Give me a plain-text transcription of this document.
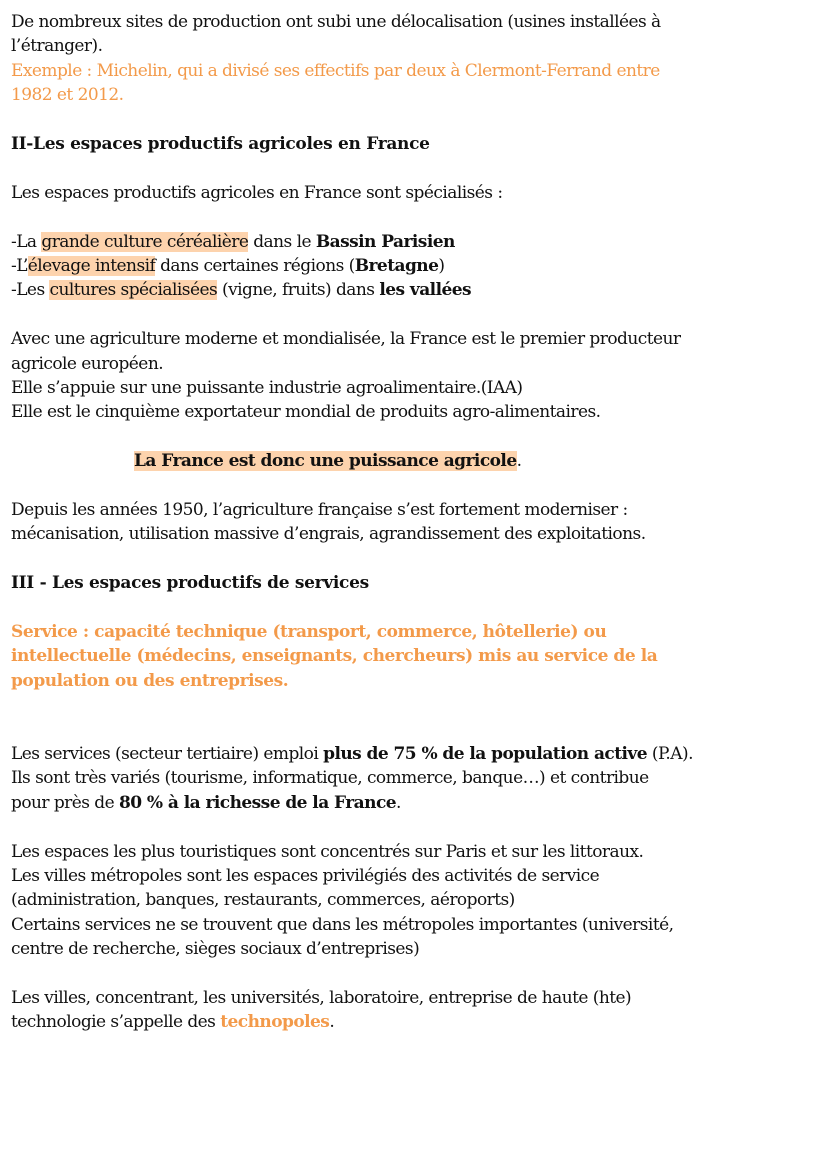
De nombreux sites de production ont subi une délocalisation (usines installées à

l’étranger).

Exemple : Michelin, qui a divisé ses effectifs par deux à Clermont-Ferrand entre

1982 et 2012.

II-Les espaces productifs agricoles en France

Les espaces productifs agricoles en France sont spécialisés :

-La grande culture céréalière dans le Bassin Parisien

-L’élevage intensif dans certaines régions (Bretagne)

-Les cultures spécialisées (vigne, fruits) dans les vallées

Avec une agriculture moderne et mondialisée, la France est le premier producteur

agricole européen.

Elle s’appuie sur une puissante industrie agroalimentaire.(IAA)

Elle est le cinquième exportateur mondial de produits agro-alimentaires.

La France est donc une puissance agricole.

Depuis les années 1950, l’agriculture française s’est fortement moderniser :

mécanisation, utilisation massive d’engrais, agrandissement des exploitations.

III - Les espaces productifs de services

Service : capacité technique (transport, commerce, hôtellerie) ou

intellectuelle (médecins, enseignants, chercheurs) mis au service de la

population ou des entreprises.

Les services (secteur tertiaire) emploi plus de 75 % de la population active (P.A).

Ils sont très variés (tourisme, informatique, commerce, banque…) et contribue

pour près de 80 % à la richesse de la France.

Les espaces les plus touristiques sont concentrés sur Paris et sur les littoraux.

Les villes métropoles sont les espaces privilégiés des activités de service

(administration, banques, restaurants, commerces, aéroports)

Certains services ne se trouvent que dans les métropoles importantes (université,

centre de recherche, sièges sociaux d’entreprises)

Les villes, concentrant, les universités, laboratoire, entreprise de haute (hte)

technologie s’appelle des technopoles.
